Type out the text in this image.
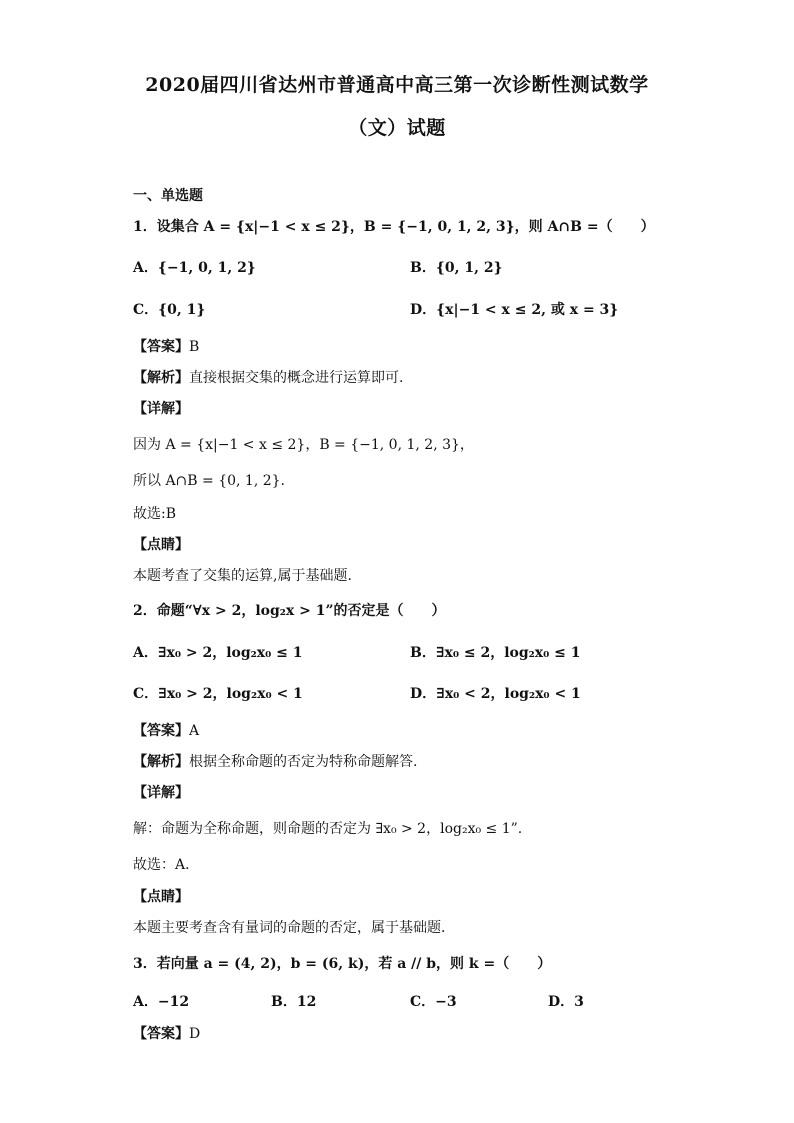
2020届四川省达州市普通高中高三第一次诊断性测试数学
（文）试题
一、单选题
1．设集合 A = {x|−1 < x ≤ 2}，B = {−1, 0, 1, 2, 3}，则 A∩B =（　　）
A．{−1, 0, 1, 2}	B．{0, 1, 2}
C．{0, 1}	D．{x|−1 < x ≤ 2, 或 x = 3}
【答案】B
【解析】直接根据交集的概念进行运算即可.
【详解】
因为 A = {x|−1 < x ≤ 2}，B = {−1, 0, 1, 2, 3}，
所以 A∩B = {0, 1, 2}.
故选:B
【点睛】
本题考查了交集的运算,属于基础题.
2．命题“∀x > 2，log₂x > 1”的否定是（　　）
A．∃x₀ > 2，log₂x₀ ≤ 1	B．∃x₀ ≤ 2，log₂x₀ ≤ 1
C．∃x₀ > 2，log₂x₀ < 1	D．∃x₀ < 2，log₂x₀ < 1
【答案】A
【解析】根据全称命题的否定为特称命题解答.
【详解】
解：命题为全称命题，则命题的否定为 ∃x₀ > 2，log₂x₀ ≤ 1”.
故选：A．
【点睛】
本题主要考查含有量词的命题的否定，属于基础题．
3．若向量 a = (4, 2)，b = (6, k)，若 a // b，则 k =（　　）
A．−12	B．12	C．−3	D．3
【答案】D
